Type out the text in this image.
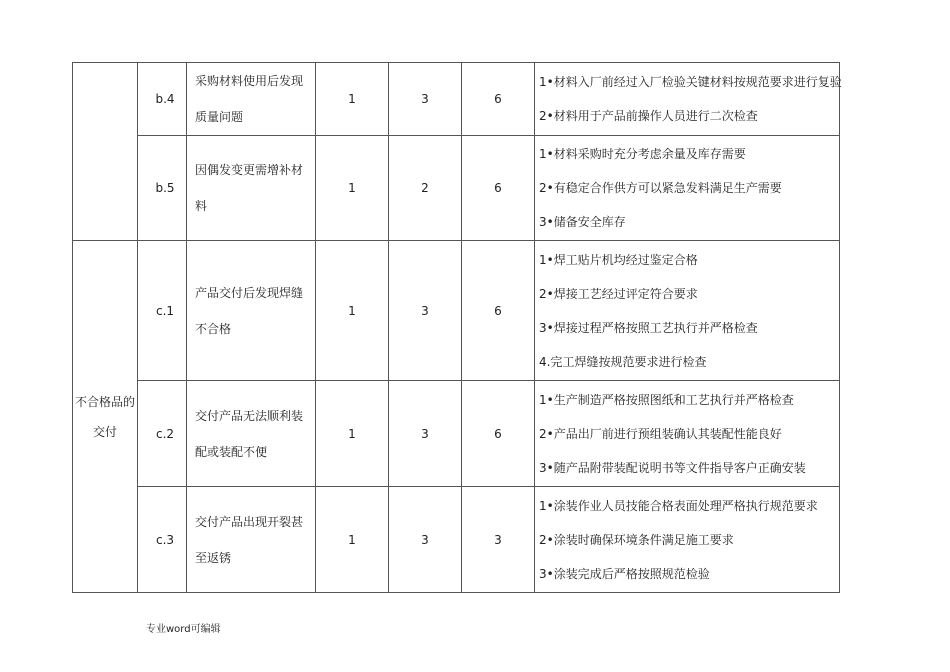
	b.4	采购材料使用后发现质量问题	1	3	6	1•材料入厂前经过入厂检验关键材料按规范要求进行复验
2•材料用于产品前操作人员进行二次检查

	b.5	因偶发变更需增补材料	1	2	6	1•材料采购时充分考虑余量及库存需要
2•有稳定合作供方可以紧急发料满足生产需要
3•储备安全库存

不合格品的交付	c.1	产品交付后发现焊缝不合格	1	3	6	1•焊工贴片机均经过鉴定合格
2•焊接工艺经过评定符合要求
3•焊接过程严格按照工艺执行并严格检查
4.完工焊缝按规范要求进行检查

	c.2	交付产品无法顺利装配或装配不便	1	3	6	1•生产制造严格按照图纸和工艺执行并严格检查
2•产品出厂前进行预组装确认其装配性能良好
3•随产品附带装配说明书等文件指导客户正确安装

	c.3	交付产品出现开裂甚至返锈	1	3	3	1•涂装作业人员技能合格表面处理严格执行规范要求
2•涂装时确保环境条件满足施工要求
3•涂装完成后严格按照规范检验
专业word可编辑
